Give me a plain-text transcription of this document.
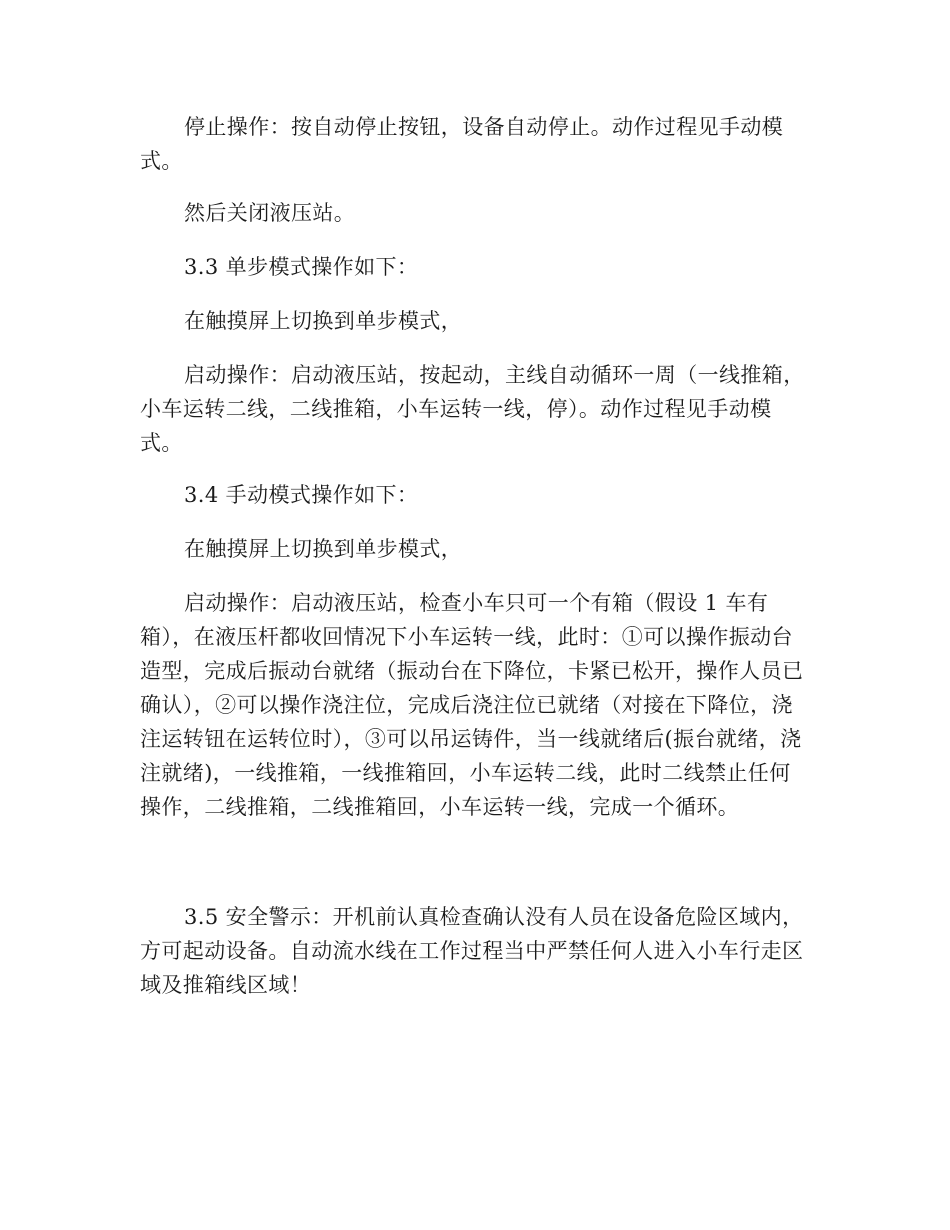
停止操作：按自动停止按钮，设备自动停止。动作过程见手动模式。

然后关闭液压站。

3.3 单步模式操作如下：

在触摸屏上切换到单步模式，

启动操作：启动液压站，按起动，主线自动循环一周（一线推箱，小车运转二线，二线推箱，小车运转一线，停）。动作过程见手动模式。

3.4 手动模式操作如下：

在触摸屏上切换到单步模式，

启动操作：启动液压站，检查小车只可一个有箱（假设 1 车有箱），在液压杆都收回情况下小车运转一线，此时：①可以操作振动台造型，完成后振动台就绪（振动台在下降位，卡紧已松开，操作人员已确认），②可以操作浇注位，完成后浇注位已就绪（对接在下降位，浇注运转钮在运转位时），③可以吊运铸件，当一线就绪后(振台就绪，浇注就绪)，一线推箱，一线推箱回，小车运转二线，此时二线禁止任何操作，二线推箱，二线推箱回，小车运转一线，完成一个循环。

3.5 安全警示：开机前认真检查确认没有人员在设备危险区域内，方可起动设备。自动流水线在工作过程当中严禁任何人进入小车行走区域及推箱线区域！
